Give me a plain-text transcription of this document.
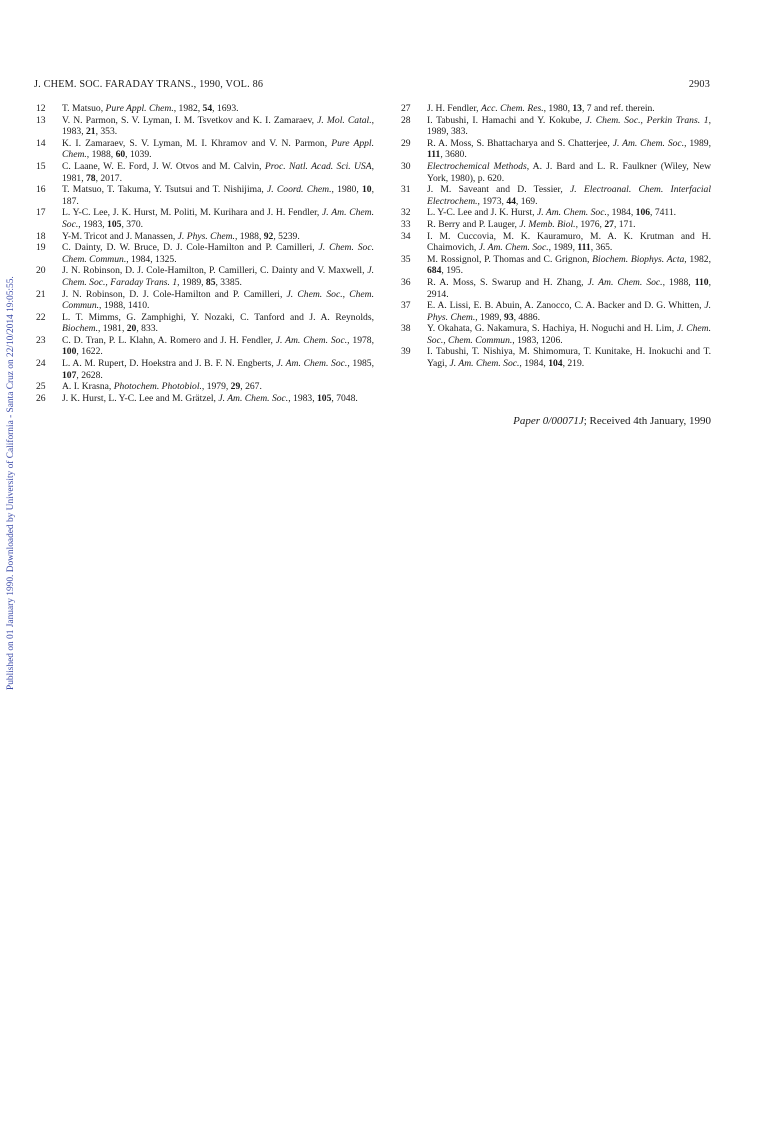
Published on 01 January 1990. Downloaded by University of California - Santa Cruz on 22/10/2014 19:05:55.
J. CHEM. SOC. FARADAY TRANS., 1990, VOL. 86	2903
12 T. Matsuo, Pure Appl. Chem., 1982, 54, 1693.
13 V. N. Parmon, S. V. Lyman, I. M. Tsvetkov and K. I. Zamaraev, J. Mol. Catal., 1983, 21, 353.
14 K. I. Zamaraev, S. V. Lyman, M. I. Khramov and V. N. Parmon, Pure Appl. Chem., 1988, 60, 1039.
15 C. Laane, W. E. Ford, J. W. Otvos and M. Calvin, Proc. Natl. Acad. Sci. USA, 1981, 78, 2017.
16 T. Matsuo, T. Takuma, Y. Tsutsui and T. Nishijima, J. Coord. Chem., 1980, 10, 187.
17 L. Y-C. Lee, J. K. Hurst, M. Politi, M. Kurihara and J. H. Fendler, J. Am. Chem. Soc., 1983, 105, 370.
18 Y-M. Tricot and J. Manassen, J. Phys. Chem., 1988, 92, 5239.
19 C. Dainty, D. W. Bruce, D. J. Cole-Hamilton and P. Camilleri, J. Chem. Soc. Chem. Commun., 1984, 1325.
20 J. N. Robinson, D. J. Cole-Hamilton, P. Camilleri, C. Dainty and V. Maxwell, J. Chem. Soc., Faraday Trans. 1, 1989, 85, 3385.
21 J. N. Robinson, D. J. Cole-Hamilton and P. Camilleri, J. Chem. Soc., Chem. Commun., 1988, 1410.
22 L. T. Mimms, G. Zamphighi, Y. Nozaki, C. Tanford and J. A. Reynolds, Biochem., 1981, 20, 833.
23 C. D. Tran, P. L. Klahn, A. Romero and J. H. Fendler, J. Am. Chem. Soc., 1978, 100, 1622.
24 L. A. M. Rupert, D. Hoekstra and J. B. F. N. Engberts, J. Am. Chem. Soc., 1985, 107, 2628.
25 A. I. Krasna, Photochem. Photobiol., 1979, 29, 267.
26 J. K. Hurst, L. Y-C. Lee and M. Grätzel, J. Am. Chem. Soc., 1983, 105, 7048.
27 J. H. Fendler, Acc. Chem. Res., 1980, 13, 7 and ref. therein.
28 I. Tabushi, I. Hamachi and Y. Kokube, J. Chem. Soc., Perkin Trans. 1, 1989, 383.
29 R. A. Moss, S. Bhattacharya and S. Chatterjee, J. Am. Chem. Soc., 1989, 111, 3680.
30 Electrochemical Methods, A. J. Bard and L. R. Faulkner (Wiley, New York, 1980), p. 620.
31 J. M. Saveant and D. Tessier, J. Electroanal. Chem. Interfacial Electrochem., 1973, 44, 169.
32 L. Y-C. Lee and J. K. Hurst, J. Am. Chem. Soc., 1984, 106, 7411.
33 R. Berry and P. Lauger, J. Memb. Biol., 1976, 27, 171.
34 I. M. Cuccovia, M. K. Kauramuro, M. A. K. Krutman and H. Chaimovich, J. Am. Chem. Soc., 1989, 111, 365.
35 M. Rossignol, P. Thomas and C. Grignon, Biochem. Biophys. Acta, 1982, 684, 195.
36 R. A. Moss, S. Swarup and H. Zhang, J. Am. Chem. Soc., 1988, 110, 2914.
37 E. A. Lissi, E. B. Abuin, A. Zanocco, C. A. Backer and D. G. Whitten, J. Phys. Chem., 1989, 93, 4886.
38 Y. Okahata, G. Nakamura, S. Hachiya, H. Noguchi and H. Lim, J. Chem. Soc., Chem. Commun., 1983, 1206.
39 I. Tabushi, T. Nishiya, M. Shimomura, T. Kunitake, H. Inokuchi and T. Yagi, J. Am. Chem. Soc., 1984, 104, 219.
Paper 0/00071J; Received 4th January, 1990
